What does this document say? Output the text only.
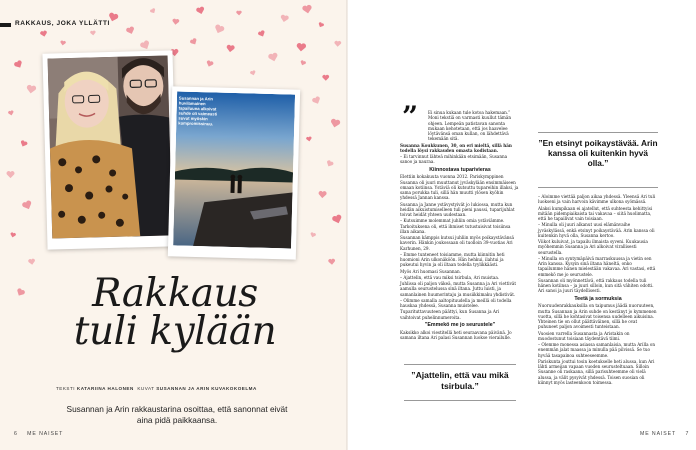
RAKKAUS, JOKA YLLÄTTI
Susannan ja Arin huvilamainen tapailuuna alkoivat suhde oli vaimeasti suvut myöskin kompromissinuu.
Rakkaus
tuli kylään
TEKSTI KATARIINA HALONEN KUVAT SUSANNAN JA ARIN KUVAKOKOELMA
Susannan ja Arin rakkaustarina osoittaa, että sanonnat eivät aina pidä paikkaansa.
6 ME NAISET
”	Ei sinua kukaan tule kotoa hakemaan.” Moni tekstiä on varmasti kuullut tämän ohjeen. Lempeän patistavan sanonta mukaan kehotetaan, että jos haavelee löytävänsä oman kullan, on lähdettävä tekemään sitä.

Susanna Koukkunen, 30, on eri mieltä, sillä hän todella löysi rakkauden omasta kodistaan.

– Ei tarvinnut lähteä mihinkään etsimään, Susanna sanoo ja nauraa.

Kiinnostava tuparivieras

Elettiin kokakuuta vuonna 2012. Pariskymppinen Susanna oli juuri muuttanut jyväskylään ensimmäiseen omaan kotiinsa. Ystäviä oli kutsuttu tupareihin illaksi, ja sama porukka tuli, sillä hän muutti ylösen kyöhin yhdessä Jannan kanssa.

Susanna ja Janne ystävystyivät jo lukiossa, mutta kun heidän aikuistumiselleen tuli pieni paussi, tuparijuhlat toivat heidät yhteen uudestaan.

– Kutsuimme molemmat juhliin omia ystäviämme. Tarkoituksena oli, että ihmiset tutustuisivat toisiinsa illan aikana.

Susannan kämppis kutsui juhliin myös poikaystävänsä kaverin. Hänkin joukossaan oli tuolloin 39-vuotias Ari Karhunen, 29.

– Emme tunteneet toisiamme, mutta kiinnitin heti huomioni Arin ulkonäköön. Hän hehkui, ilahtui ja pukeutui hyvin ja oli iltaan todella tyylikkäästi.

Myös Ari huomasi Susannan.

– Ajattelin, että vau miksi tsirbula, Ari muistaa.

Juhlissa oli paljon väkeä, mutta Susanna ja Ari viettivät aamulla seurustelussa sinä iltana. Juttu luisti, ja samanlainen huumorintaju ja musiikkimaku yhdistivät.

– Olimme samalla aaltopituudella ja meillä oli todella hauskaa yhdessä, Susanna muistelee.

Tuparituttavuuteen päättyi, kun Susanna ja Ari vaihtoivat puhelinnumeroita.

”Emmekö me jo seurustele”

Kaksikko alkoi viestitellä heti seuraavana päivänä. Jo samana iltana Ari palasi Susannan luokse vierailulle.

”Ajattelin, että vau mikä tsirbula.”
”En etsinyt poikaystävää. Arin kanssa oli kuitenkin hyvä olla.”

– Aloimme viettää paljon aikaa yhdessä. Yleensä Ari tuli luokseni ja vain harvoin kävimme ulkona syömässä.

Alaksi kumpikaan ei ajatellut, että suhteesta kehittyisi mitään pidempiaikaista tai vakavaa – siitä huolimatta, että he tapailivat vain toisiaan.

– Minulla oli juuri alkanut uusi elämänvaihe jyväskylässä, enkä etsinyt poikaystävää. Arin kanssa oli kuitenkin hyvä olla, Susanna kertoo.

Viikot kuluivat, ja tapailu ilmaista syveni. Kuukausia myöhemmin Susanna ja Ari alkoivat virallisesti seurustella.

– Minulla on syntymäpäivä marraskuussa ja vietin sen Arin kanssa. Kysyin sinä iltana häneltä, onko tapailumme hänen mielestään vakavaa. Ari vastasi, että emmekö me jo seurustele.

Susannan oli myönnettävä, että rakkaus todella tuli hänen kotiinsa – ja juuri silloin, kun sitä vähiten odotti. Ari sanoi ja juuri täydellisesti.

Teetä ja sormuksia

Nuoruudenrakkauksilla on taipumus jäädä nuoruuteen, mutta Susannan ja Arin suhde on kestänyt jo kymmenen vuotta, sillä he kohtasivat toisensa uudelleen aikuisina. Yhteinen tie on ollut päättäväinen, sillä he ovat puhuneet paljon avoimesti tunteistaan.

Vuosien varrella Susannasta ja Aristakin on muodostunut toisiaan täydentävä tiimi.

– Olemme monessa asiassa samanlaisia, mutta Arilla on enemmän jalat maassa ja minulla pää pilvissä. Se tuo hyvää tasapainoa suhteeseemme.

Pariskunta jouttui tosin koetukselle heti alussa, kun Ari lähti armeijan vapaan vuoden seurusteltuaan. Silloin Susanne oli raskaana, sillä parisuhteemme oli vielä alussa, ja välit pysyivät yhdessä. Toisen suosian oli kiinnyt myös lasteenkoon toimessa.

ME NAISET 7
